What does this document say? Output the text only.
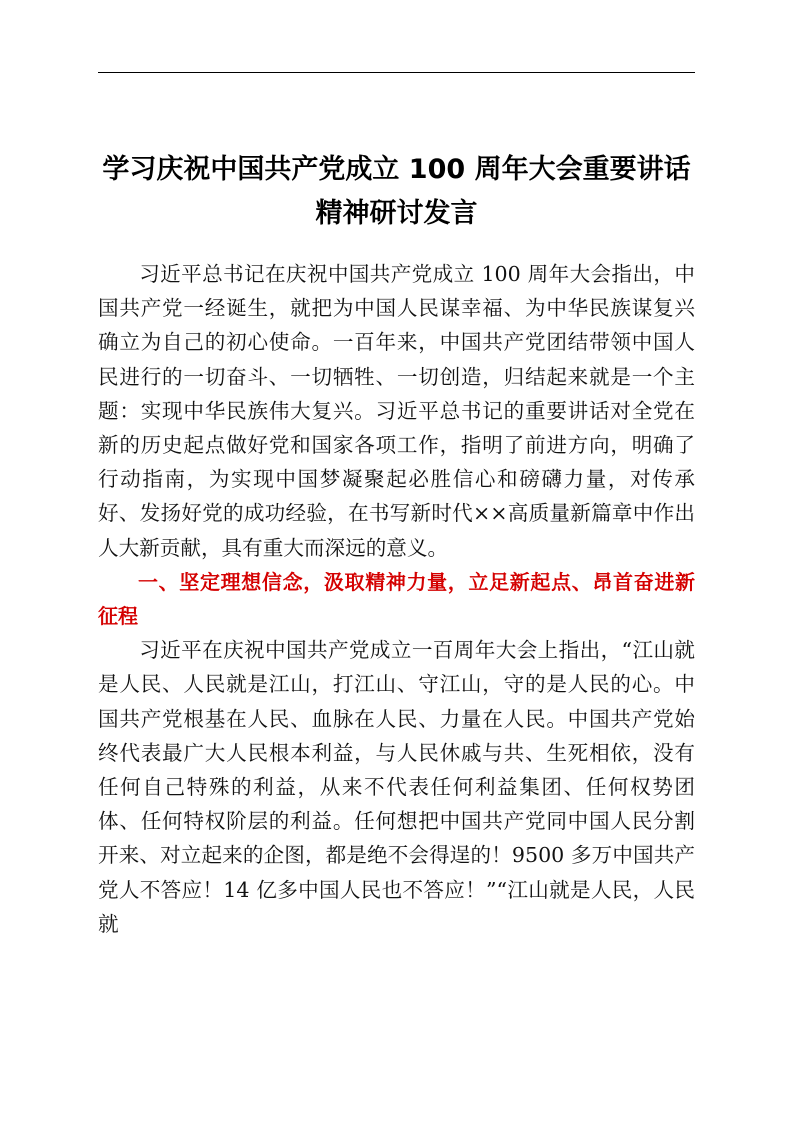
学习庆祝中国共产党成立 100 周年大会重要讲话精神研讨发言

习近平总书记在庆祝中国共产党成立 100 周年大会指出，中国共产党一经诞生，就把为中国人民谋幸福、为中华民族谋复兴确立为自己的初心使命。一百年来，中国共产党团结带领中国人民进行的一切奋斗、一切牺牲、一切创造，归结起来就是一个主题：实现中华民族伟大复兴。习近平总书记的重要讲话对全党在新的历史起点做好党和国家各项工作，指明了前进方向，明确了行动指南，为实现中国梦凝聚起必胜信心和磅礴力量，对传承好、发扬好党的成功经验，在书写新时代××高质量新篇章中作出人大新贡献，具有重大而深远的意义。

一、坚定理想信念，汲取精神力量，立足新起点、昂首奋进新征程

习近平在庆祝中国共产党成立一百周年大会上指出，“江山就是人民、人民就是江山，打江山、守江山，守的是人民的心。中国共产党根基在人民、血脉在人民、力量在人民。中国共产党始终代表最广大人民根本利益，与人民休戚与共、生死相依，没有任何自己特殊的利益，从来不代表任何利益集团、任何权势团体、任何特权阶层的利益。任何想把中国共产党同中国人民分割开来、对立起来的企图，都是绝不会得逞的！9500 多万中国共产党人不答应！14 亿多中国人民也不答应！”“江山就是人民，人民就
